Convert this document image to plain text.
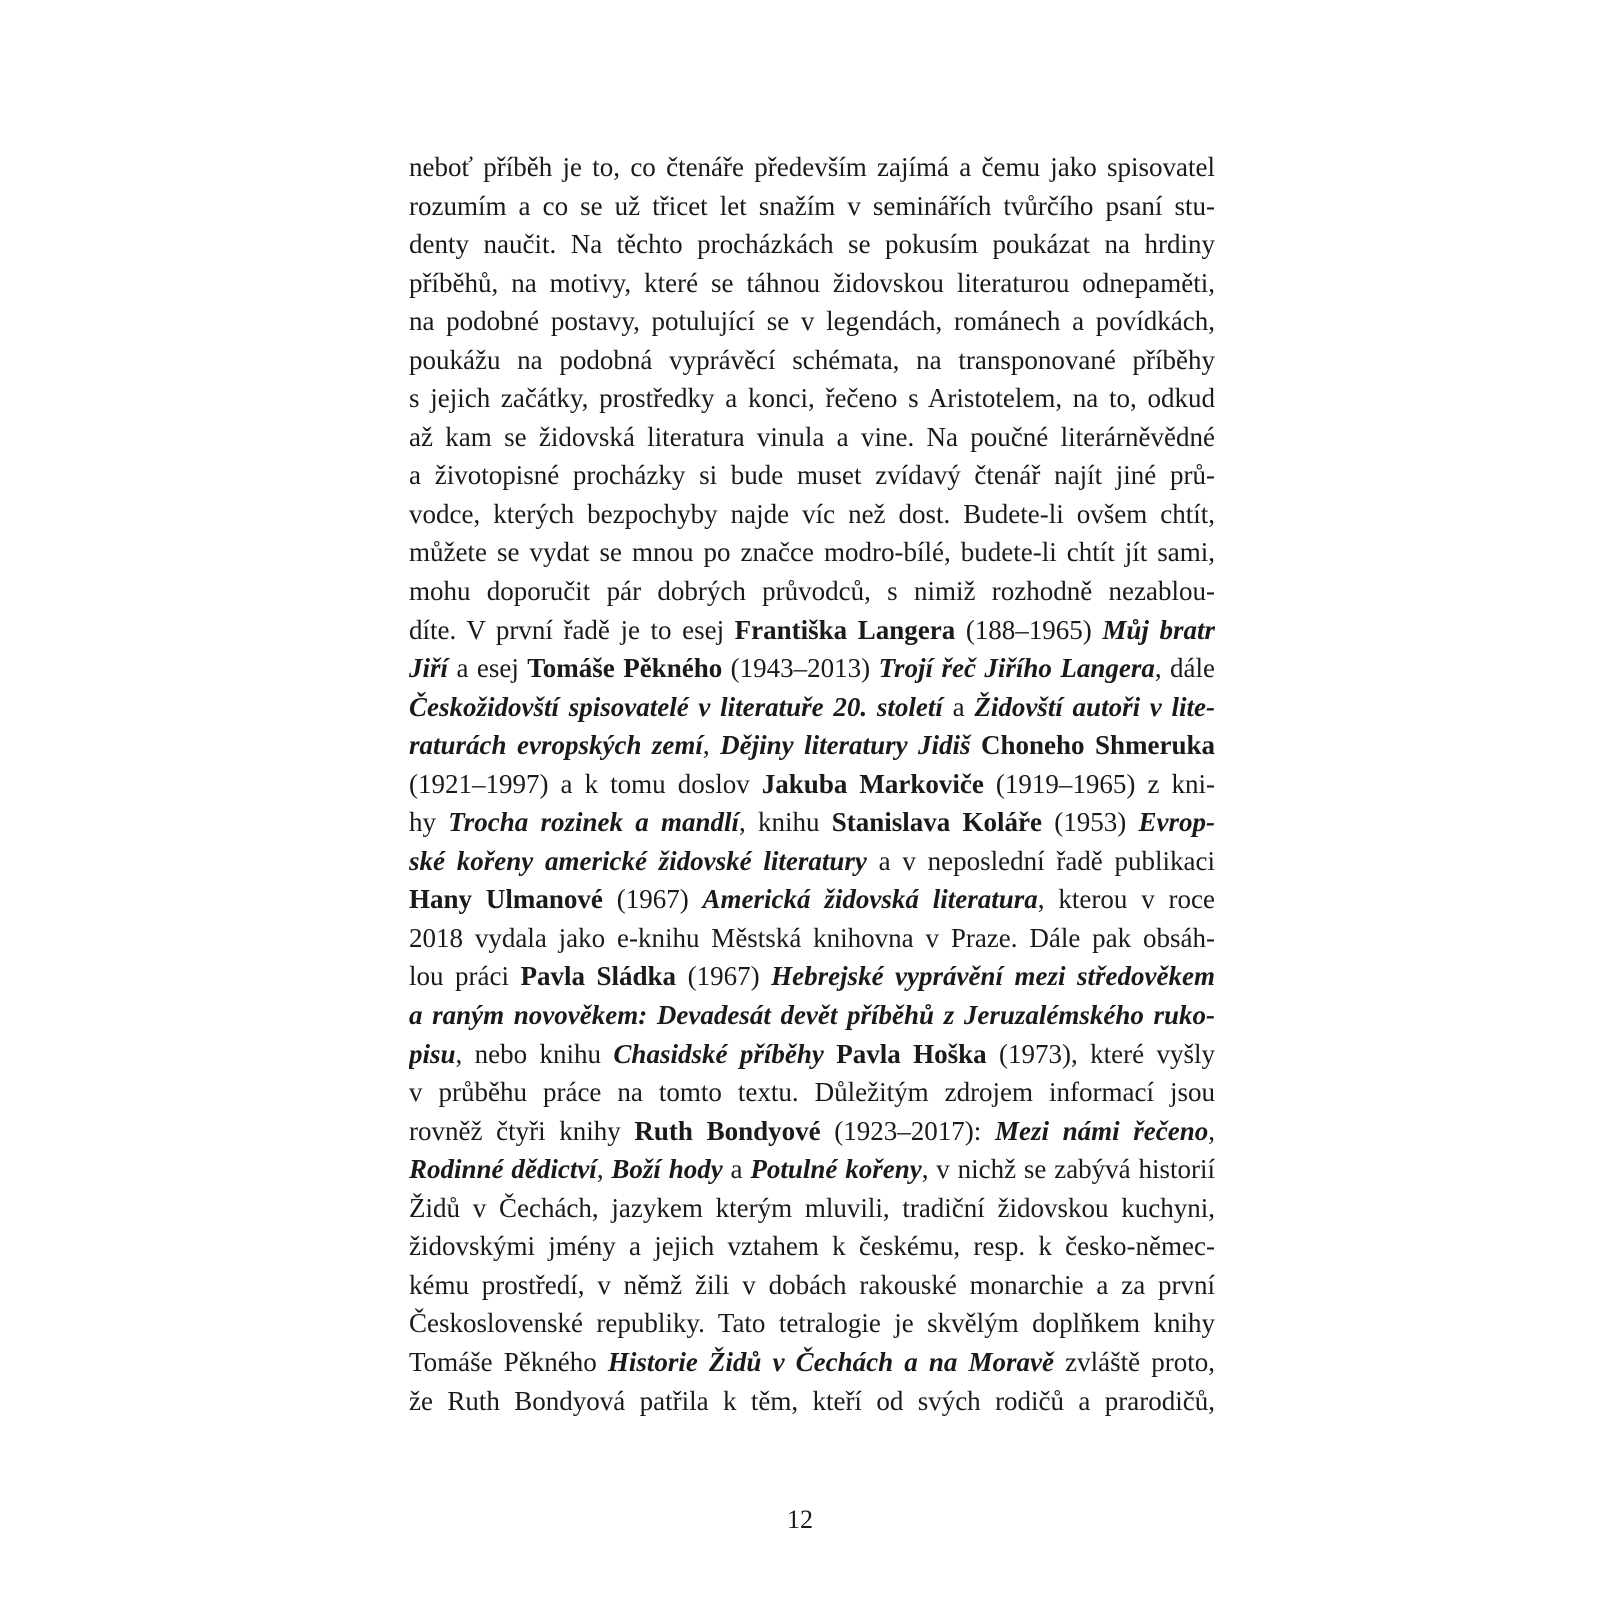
neboť příběh je to, co čtenáře především zajímá a čemu jako spisovatel
rozumím a co se už třicet let snažím v seminářích tvůrčího psaní stu-
denty naučit. Na těchto procházkách se pokusím poukázat na hrdiny
příběhů, na motivy, které se táhnou židovskou literaturou odnepaměti,
na podobné postavy, potulující se v legendách, románech a povídkách,
poukážu na podobná vyprávěcí schémata, na transponované příběhy
s jejich začátky, prostředky a konci, řečeno s Aristotelem, na to, odkud
až kam se židovská literatura vinula a vine. Na poučné literárněvědné
a životopisné procházky si bude muset zvídavý čtenář najít jiné prů-
vodce, kterých bezpochyby najde víc než dost. Budete-li ovšem chtít,
můžete se vydat se mnou po značce modro-bílé, budete-li chtít jít sami,
mohu doporučit pár dobrých průvodců, s nimiž rozhodně nezablou-
díte. V první řadě je to esej Františka Langera (188–1965) Můj bratr
Jiří a esej Tomáše Pěkného (1943–2013) Trojí řeč Jiřího Langera, dále
Českožidovští spisovatelé v literatuře 20. století a Židovští autoři v lite-
raturách evropských zemí, Dějiny literatury Jidiš Choneho Shmeruka
(1921–1997) a k tomu doslov Jakuba Markoviče (1919–1965) z kni-
hy Trocha rozinek a mandlí, knihu Stanislava Koláře (1953) Evrop-
ské kořeny americké židovské literatury a v neposlední řadě publikaci
Hany Ulmanové (1967) Americká židovská literatura, kterou v roce
2018 vydala jako e-knihu Městská knihovna v Praze. Dále pak obsáh-
lou práci Pavla Sládka (1967) Hebrejské vyprávění mezi středověkem
a raným novověkem: Devadesát devět příběhů z Jeruzalémského ruko-
pisu, nebo knihu Chasidské příběhy Pavla Hoška (1973), které vyšly
v průběhu práce na tomto textu. Důležitým zdrojem informací jsou
rovněž čtyři knihy Ruth Bondyové (1923–2017): Mezi námi řečeno,
Rodinné dědictví, Boží hody a Potulné kořeny, v nichž se zabývá historií
Židů v Čechách, jazykem kterým mluvili, tradiční židovskou kuchyni,
židovskými jmény a jejich vztahem k českému, resp. k česko-němec-
kému prostředí, v němž žili v dobách rakouské monarchie a za první
Československé republiky. Tato tetralogie je skvělým doplňkem knihy
Tomáše Pěkného Historie Židů v Čechách a na Moravě zvláště proto,
že Ruth Bondyová patřila k těm, kteří od svých rodičů a prarodičů,
12
